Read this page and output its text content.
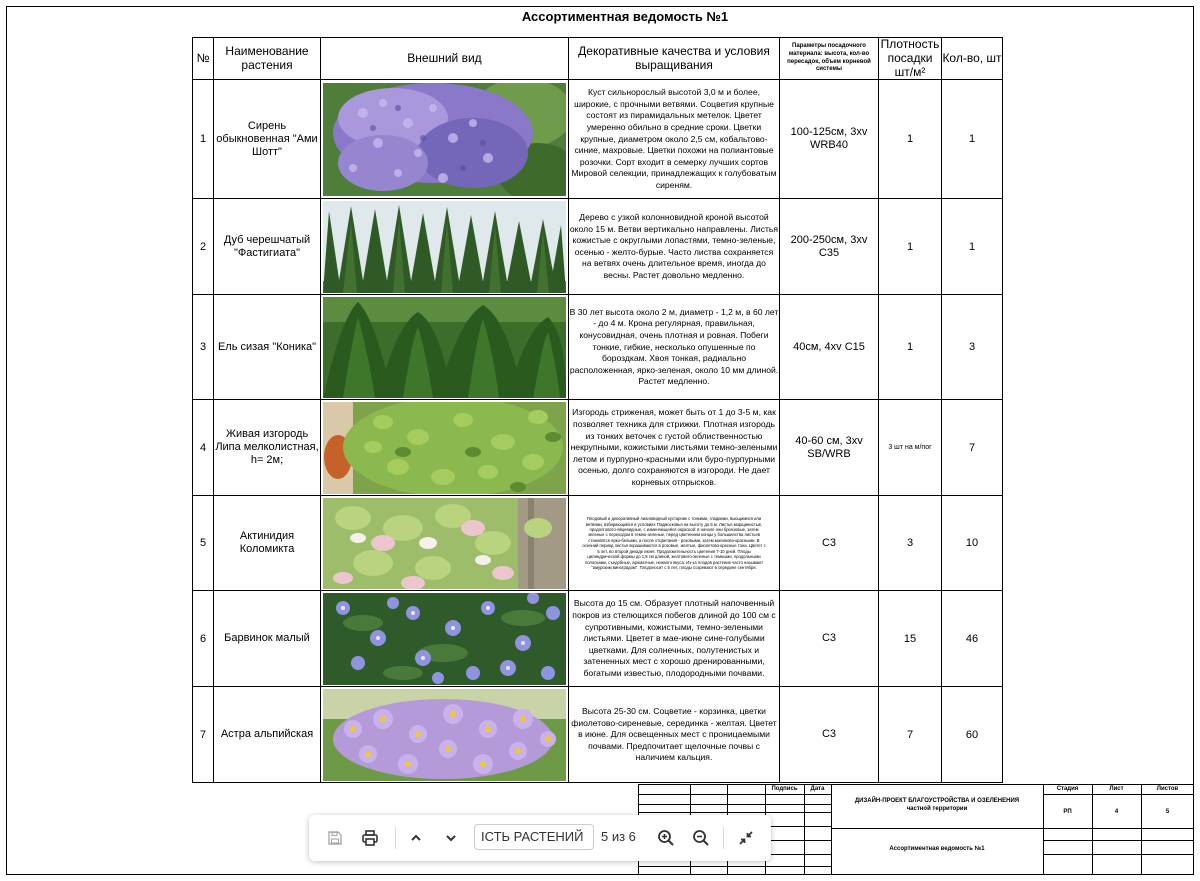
Ассортиментная ведомость №1
№	Наименование растения	Внешний вид	Декоративные качества и условия выращивания	Параметры посадочного материала: высота, кол-во пересадок, объем корневой системы	Плотность посадки шт/м²	Кол-во, шт
1	Сирень обыкновенная "Ами Шотт"		Куст сильнорослый высотой 3,0 м и более, широкие, с прочными ветвями. Соцветия крупные состоят из пирамидальных метелок. Цветет умеренно обильно в средние сроки. Цветки крупные, диаметром около 2,5 см, кобальтово-синие, махровые. Цветки похожи на полиантовые розочки. Сорт входит в семерку лучших сортов Мировой селекции, принадлежащих к голубоватым сиреням.	100-125см, 3хv WRB40	1	1
2	Дуб черешчатый "Фастигиата"		Дерево с узкой колонновидной кроной высотой около 15 м. Ветви вертикально направлены. Листья кожистые с округлыми лопастями, темно-зеленые, осенью - желто-бурые. Часто листва сохраняется на ветвях очень длительное время, иногда до весны. Растет довольно медленно.	200-250см, 3хv С35	1	1
3	Ель сизая "Коника"		В 30 лет высота около 2 м, диаметр - 1,2 м, в 60 лет - до 4 м. Крона регулярная, правильная, конусовидная, очень плотная и ровная. Побеги тонкие, гибкие, несколько опушенные по бороздкам. Хвоя тонкая, радиально расположенная, ярко-зеленая, около 10 мм длиной. Растет медленно.	40см, 4хv С15	1	3
4	Живая изгородь Липа мелколистная, h= 2м;		Изгородь стриженая, может быть от 1 до 3-5 м, как позволяет техника для стрижки. Плотная изгородь из тонких веточек с густой облиственностью некрупными, кожистыми листьями темно-зелеными летом и пурпурно-красными или буро-пурпурными осенью, долго сохраняются в изгороди. Не дает корневых отпрысков.	40-60 см, 3хv SB/WRB	3 шт на м/пог	7
5	Актинидия Коломикта		Плодовый и декоративный лиановидный кустарник с тонкими, гладкими, вьющимися или ветвями, взбирающийся в условиях Подмосковья на высоту до 5 м. Листья морщинистые, продолговато-яйцевидные, с изменяющейся окраской: в начале они бронзовые, затем зеленые с переходом в темно-зеленые, перед цветением концы у большинства листьев становятся ярко-белыми, а после отцветания - розовыми, затем малиново-красными. В осенний период листья окрашиваются в розовые, желтые, фиолетово-красные тона. Цветет с 5 лет, во второй декаде июня. Продолжительность цветения 7-10 дней. Плоды цилиндрической формы до 1,8 см длиной, желтовато-зеленые с темными, продольными полосками, съедобные, ароматные, нежного вкуса. Из-за плодов растение часто называют "амурским виноградом". Плодоносит с 5 лет, плоды созревают в середине сентября.	С3	3	10
6	Барвинок малый		Высота до 15 см. Образует плотный напочвенный покров из стелющихся побегов длиной до 100 см с супротивными, кожистыми, темно-зелеными листьями. Цветет в мае-июне сине-голубыми цветками. Для солнечных, полутенистых и затененных мест с хорошо дренированными, богатыми известью, плодородными почвами.	С3	15	46
7	Астра альпийская		Высота 25-30 см. Соцветие - корзинка, цветки фиолетово-сиреневые, серединка - желтая. Цветет в июне. Для освещенных мест с проницаемыми почвами. Предпочитает щелочные почвы с наличием кальция.	С3	7	60
Подпись	Дата
ДИЗАЙН-ПРОЕКТ БЛАГОУСТРОЙСТВА И ОЗЕЛЕНЕНИЯ частной территории
Ассортиментная ведомость №1
Стадия	Лист	Листов
РП	4	5
ІСТЬ РАСТЕНИЙ	5 из 6
